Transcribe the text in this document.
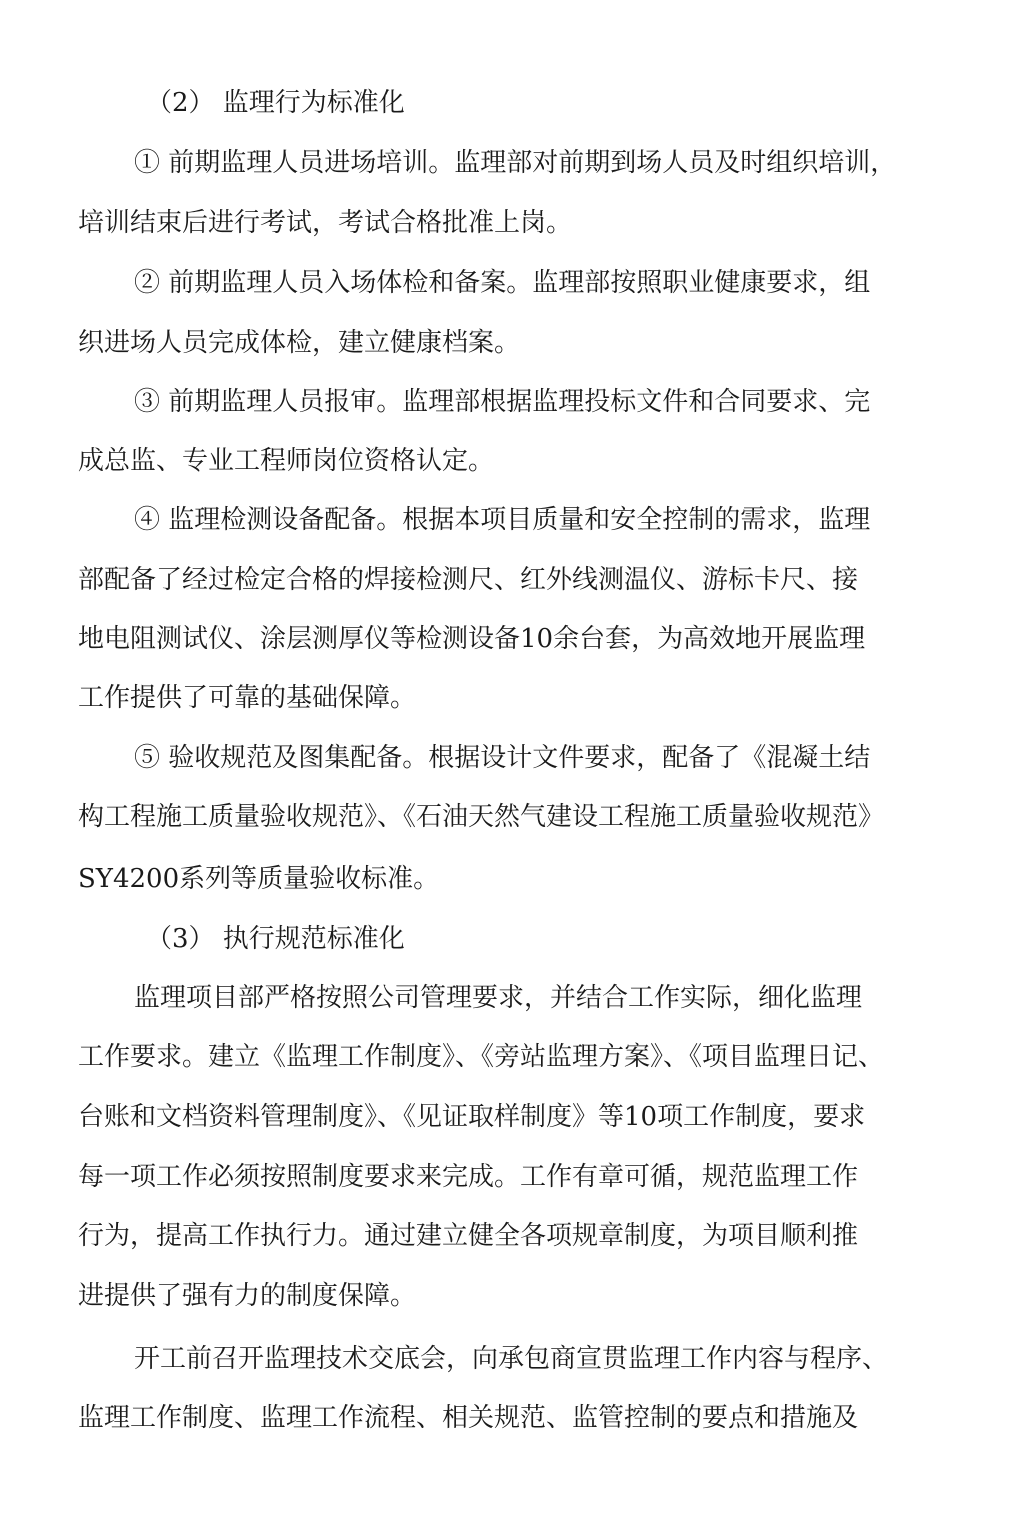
（2） 监理行为标准化
① 前期监理人员进场培训。监理部对前期到场人员及时组织培训，
培训结束后进行考试，考试合格批准上岗。
② 前期监理人员入场体检和备案。监理部按照职业健康要求，组
织进场人员完成体检，建立健康档案。
③ 前期监理人员报审。监理部根据监理投标文件和合同要求、完
成总监、专业工程师岗位资格认定。
④ 监理检测设备配备。根据本项目质量和安全控制的需求，监理
部配备了经过检定合格的焊接检测尺、红外线测温仪、游标卡尺、接
地电阻测试仪、涂层测厚仪等检测设备10余台套，为高效地开展监理
工作提供了可靠的基础保障。
⑤ 验收规范及图集配备。根据设计文件要求，配备了《混凝土结
构工程施工质量验收规范》、《石油天然气建设工程施工质量验收规范》
SY4200系列等质量验收标准。
（3） 执行规范标准化
监理项目部严格按照公司管理要求，并结合工作实际，细化监理
工作要求。建立《监理工作制度》、《旁站监理方案》、《项目监理日记、
台账和文档资料管理制度》、《见证取样制度》等10项工作制度，要求
每一项工作必须按照制度要求来完成。工作有章可循，规范监理工作
行为，提高工作执行力。通过建立健全各项规章制度，为项目顺利推
进提供了强有力的制度保障。
开工前召开监理技术交底会，向承包商宣贯监理工作内容与程序、
监理工作制度、监理工作流程、相关规范、监管控制的要点和措施及
